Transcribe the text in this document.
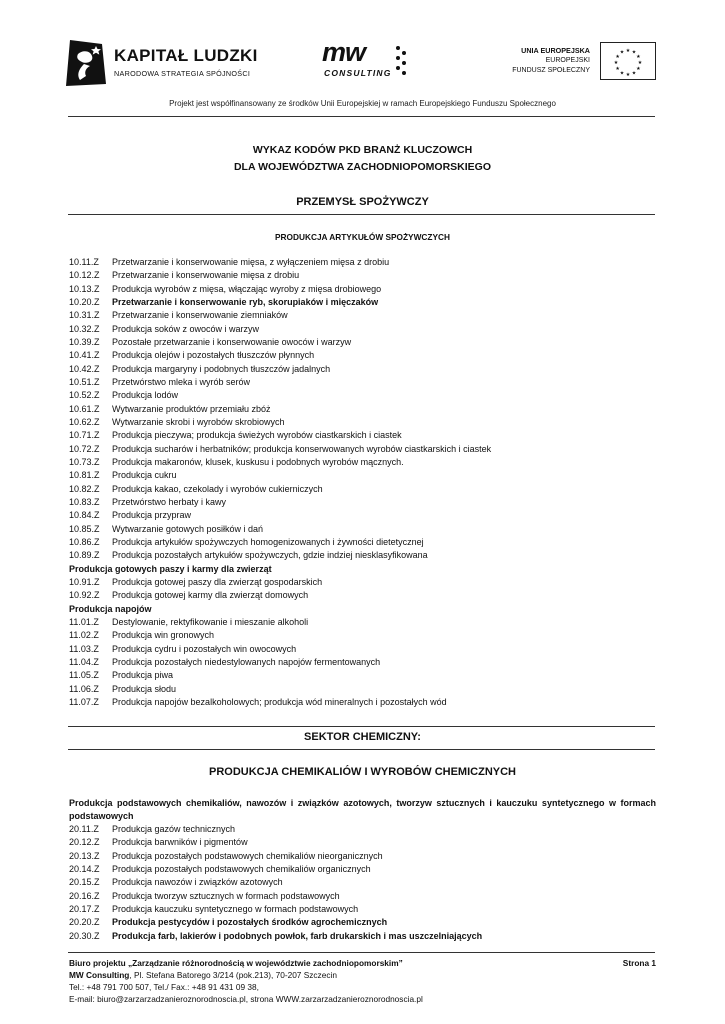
KAPITAŁ LUDZKI
NARODOWA STRATEGIA SPÓJNOŚCI
mw
CONSULTING
UNIA EUROPEJSKA
EUROPEJSKI
FUNDUSZ SPOŁECZNY
★ ★
★
★
★
★
★
★
★
★
★
★
Projekt jest współfinansowany ze środków Unii Europejskiej w ramach Europejskiego Funduszu Społecznego
WYKAZ KODÓW PKD BRANŻ KLUCZOWCH
DLA WOJEWÓDZTWA ZACHODNIOPOMORSKIEGO
PRZEMYSŁ SPOŻYWCZY
PRODUKCJA ARTYKUŁÓW SPOŻYWCZYCH
10.11.Z Przetwarzanie i konserwowanie mięsa, z wyłączeniem mięsa z drobiu
10.12.Z Przetwarzanie i konserwowanie mięsa z drobiu
10.13.Z Produkcja wyrobów z mięsa, włączając wyroby z mięsa drobiowego
10.20.Z Przetwarzanie i konserwowanie ryb, skorupiaków i mięczaków
10.31.Z Przetwarzanie i konserwowanie ziemniaków
10.32.Z Produkcja soków z owoców i warzyw
10.39.Z Pozostałe przetwarzanie i konserwowanie owoców i warzyw
10.41.Z Produkcja olejów i pozostałych tłuszczów płynnych
10.42.Z Produkcja margaryny i podobnych tłuszczów jadalnych
10.51.Z Przetwórstwo mleka i wyrób serów
10.52.Z Produkcja lodów
10.61.Z Wytwarzanie produktów przemiału zbóż
10.62.Z Wytwarzanie skrobi i wyrobów skrobiowych
10.71.Z Produkcja pieczywa; produkcja świeżych wyrobów ciastkarskich i ciastek
10.72.Z Produkcja sucharów i herbatników; produkcja konserwowanych wyrobów ciastkarskich i ciastek
10.73.Z Produkcja makaronów, klusek, kuskusu i podobnych wyrobów mącznych.
10.81.Z Produkcja cukru
10.82.Z Produkcja kakao, czekolady i wyrobów cukierniczych
10.83.Z Przetwórstwo herbaty i kawy
10.84.Z Produkcja przypraw
10.85.Z Wytwarzanie gotowych posiłków i dań
10.86.Z Produkcja artykułów spożywczych homogenizowanych i żywności dietetycznej
10.89.Z Produkcja pozostałych artykułów spożywczych, gdzie indziej niesklasyfikowana
Produkcja gotowych paszy i karmy dla zwierząt
10.91.Z Produkcja gotowej paszy dla zwierząt gospodarskich
10.92.Z Produkcja gotowej karmy dla zwierząt domowych
Produkcja napojów
11.01.Z Destylowanie, rektyfikowanie i mieszanie alkoholi
11.02.Z Produkcja win gronowych
11.03.Z Produkcja cydru i pozostałych win owocowych
11.04.Z Produkcja pozostałych niedestylowanych napojów fermentowanych
11.05.Z Produkcja piwa
11.06.Z Produkcja słodu
11.07.Z Produkcja napojów bezalkoholowych; produkcja wód mineralnych i pozostałych wód
SEKTOR CHEMICZNY:
PRODUKCJA CHEMIKALIÓW I WYROBÓW CHEMICZNYCH
Produkcja podstawowych chemikaliów, nawozów i związków azotowych, tworzyw sztucznych i kauczuku syntetycznego w formach podstawowych
20.11.Z Produkcja gazów technicznych
20.12.Z Produkcja barwników i pigmentów
20.13.Z Produkcja pozostałych podstawowych chemikaliów nieorganicznych
20.14.Z Produkcja pozostałych podstawowych chemikaliów organicznych
20.15.Z Produkcja nawozów i związków azotowych
20.16.Z Produkcja tworzyw sztucznych w formach podstawowych
20.17.Z Produkcja kauczuku syntetycznego w formach podstawowych
20.20.Z Produkcja pestycydów i pozostałych środków agrochemicznych
20.30.Z Produkcja farb, lakierów i podobnych powłok, farb drukarskich i mas uszczelniających
Biuro projektu „Zarządzanie różnorodnością w województwie zachodniopomorskim”
MW Consulting, Pl. Stefana Batorego 3/214 (pok.213), 70-207 Szczecin
Tel.: +48 791 700 507, Tel./ Fax.: +48 91 431 09 38,
E-mail: biuro@zarzarzadzanieroznorodnoscia.pl, strona WWW.zarzarzadzanieroznorodnoscia.pl
Strona 1
